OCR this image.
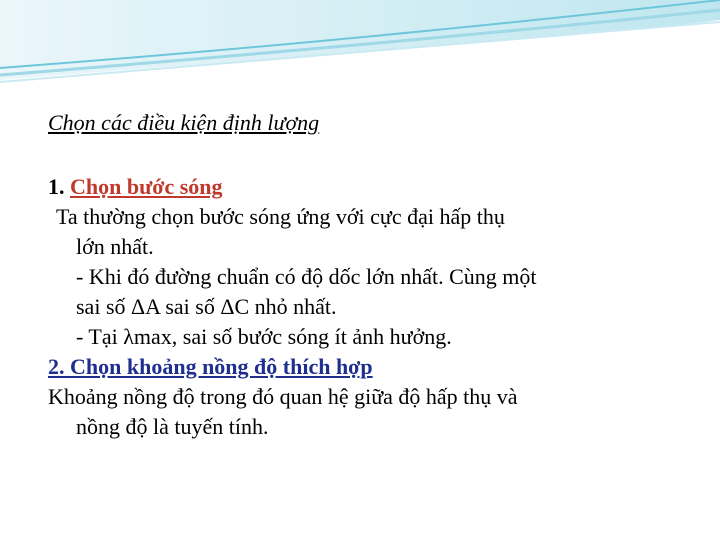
Chọn các điều kiện định lượng

1. Chọn bước sóng
Ta thường chọn bước sóng ứng với cực đại hấp thụ
lớn nhất.
- Khi đó đường chuẩn có độ dốc lớn nhất. Cùng một
sai số ΔA sai số ΔC nhỏ nhất.
- Tại λmax, sai số bước sóng ít ảnh hưởng.
2. Chọn khoảng nồng độ thích hợp
Khoảng nồng độ trong đó quan hệ giữa độ hấp thụ và
nồng độ là tuyến tính.
